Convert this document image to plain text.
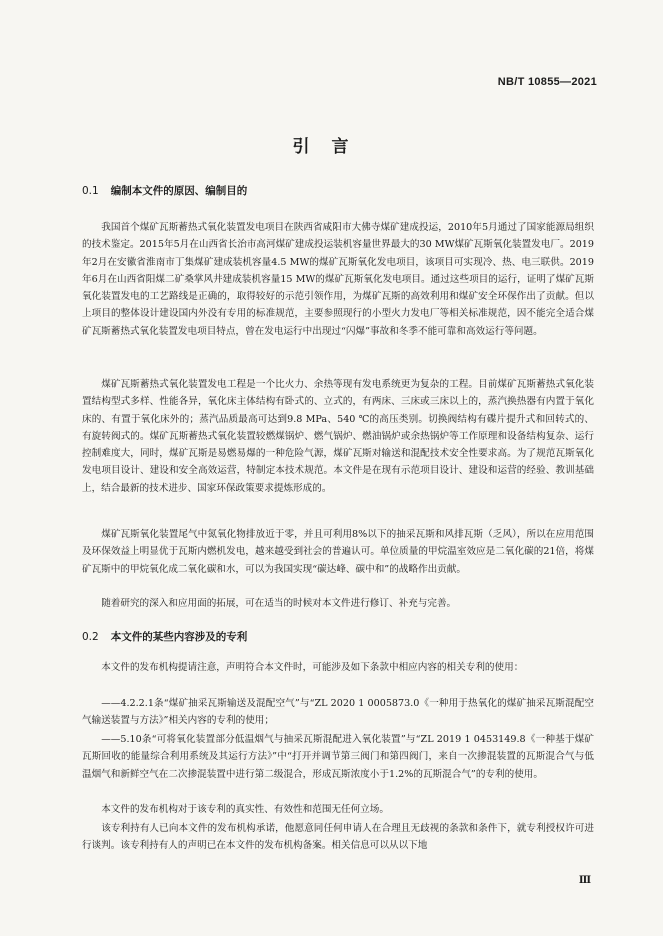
NB/T 10855—2021
引言
0.1 编制本文件的原因、编制目的
我国首个煤矿瓦斯蓄热式氧化装置发电项目在陕西省咸阳市大佛寺煤矿建成投运，2010年5月通过了国家能源局组织的技术鉴定。2015年5月在山西省长治市高河煤矿建成投运装机容量世界最大的30 MW煤矿瓦斯氧化装置发电厂。2019年2月在安徽省淮南市丁集煤矿建成装机容量4.5 MW的煤矿瓦斯氧化发电项目，该项目可实现冷、热、电三联供。2019年6月在山西省阳煤二矿桑掌风井建成装机容量15 MW的煤矿瓦斯氧化发电项目。通过这些项目的运行，证明了煤矿瓦斯氧化装置发电的工艺路线是正确的，取得较好的示范引领作用，为煤矿瓦斯的高效利用和煤矿安全环保作出了贡献。但以上项目的整体设计建设国内外没有专用的标准规范，主要参照现行的小型火力发电厂等相关标准规范，因不能完全适合煤矿瓦斯蓄热式氧化装置发电项目特点，曾在发电运行中出现过“闪爆”事故和冬季不能可靠和高效运行等问题。
煤矿瓦斯蓄热式氧化装置发电工程是一个比火力、余热等现有发电系统更为复杂的工程。目前煤矿瓦斯蓄热式氧化装置结构型式多样、性能各异，氧化床主体结构有卧式的、立式的，有两床、三床或三床以上的，蒸汽换热器有内置于氧化床的、有置于氧化床外的；蒸汽品质最高可达到9.8 MPa、540 ℃的高压类别。切换阀结构有碟片提升式和回转式的、有旋转阀式的。煤矿瓦斯蓄热式氧化装置较燃煤锅炉、燃气锅炉、燃油锅炉或余热锅炉等工作原理和设备结构复杂、运行控制难度大，同时，煤矿瓦斯是易燃易爆的一种危险气源，煤矿瓦斯对输送和混配技术安全性要求高。为了规范瓦斯氧化发电项目设计、建设和安全高效运营，特制定本技术规范。本文件是在现有示范项目设计、建设和运营的经验、教训基础上，结合最新的技术进步、国家环保政策要求提炼形成的。
煤矿瓦斯氧化装置尾气中氮氧化物排放近于零，并且可利用8%以下的抽采瓦斯和风排瓦斯（乏风），所以在应用范围及环保效益上明显优于瓦斯内燃机发电，越来越受到社会的普遍认可。单位质量的甲烷温室效应是二氧化碳的21倍，将煤矿瓦斯中的甲烷氧化成二氧化碳和水，可以为我国实现“碳达峰、碳中和”的战略作出贡献。
随着研究的深入和应用面的拓展，可在适当的时候对本文件进行修订、补充与完善。
0.2 本文件的某些内容涉及的专利
本文件的发布机构提请注意，声明符合本文件时，可能涉及如下条款中相应内容的相关专利的使用：
——4.2.2.1条“煤矿抽采瓦斯输送及混配空气”与“ZL 2020 1 0005873.0《一种用于热氧化的煤矿抽采瓦斯混配空气输送装置与方法》”相关内容的专利的使用；
——5.10条“可将氧化装置部分低温烟气与抽采瓦斯混配进入氧化装置”与“ZL 2019 1 0453149.8《一种基于煤矿瓦斯回收的能量综合利用系统及其运行方法》”中“打开并调节第三阀门和第四阀门，来自一次掺混装置的瓦斯混合气与低温烟气和新鲜空气在二次掺混装置中进行第二级混合，形成瓦斯浓度小于1.2%的瓦斯混合气”的专利的使用。
本文件的发布机构对于该专利的真实性、有效性和范围无任何立场。
该专利持有人已向本文件的发布机构承诺，他愿意同任何申请人在合理且无歧视的条款和条件下，就专利授权许可进行谈判。该专利持有人的声明已在本文件的发布机构备案。相关信息可以从以下地
Ⅲ
